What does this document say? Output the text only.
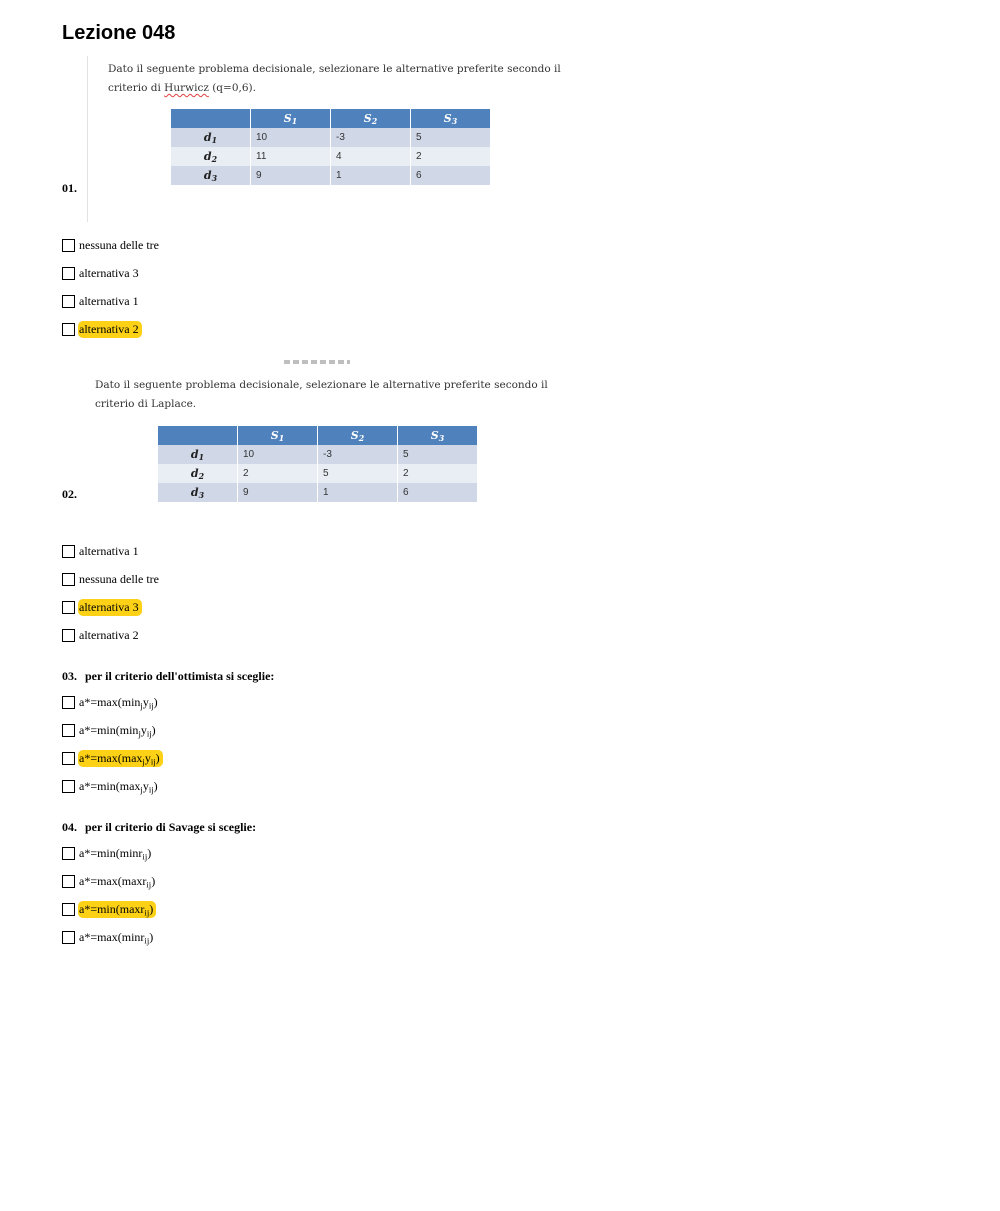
Lezione 048
Dato il seguente problema decisionale, selezionare le alternative preferite secondo il criterio di Hurwicz (q=0,6).
	$S_1$	$S_2$	$S_3$
$d_1$	10	-3	5
$d_2$	11	4	2
$d_3$	9	1	6
01.
nessuna delle tre
alternativa 3
alternativa 1
alternativa 2
Dato il seguente problema decisionale, selezionare le alternative preferite secondo il criterio di Laplace.
	$S_1$	$S_2$	$S_3$
$d_1$	10	-3	5
$d_2$	2	5	2
$d_3$	9	1	6
02.
alternativa 1
nessuna delle tre
alternativa 3
alternativa 2
03. per il criterio dell'ottimista si sceglie:
$a*=\max(\min_jy_{ij})$
$a*=\min(\min_jy_{ij})$
$a*=\max(\max_jy_{ij})$
$a*=\min(\max_jy_{ij})$
04. per il criterio di Savage si sceglie:
a*=min(minr$_{ij}$)
a*=max(maxr$_{ij}$)
a*=min(maxr$_{ij}$)
a*=max(minr$_{ij}$)
